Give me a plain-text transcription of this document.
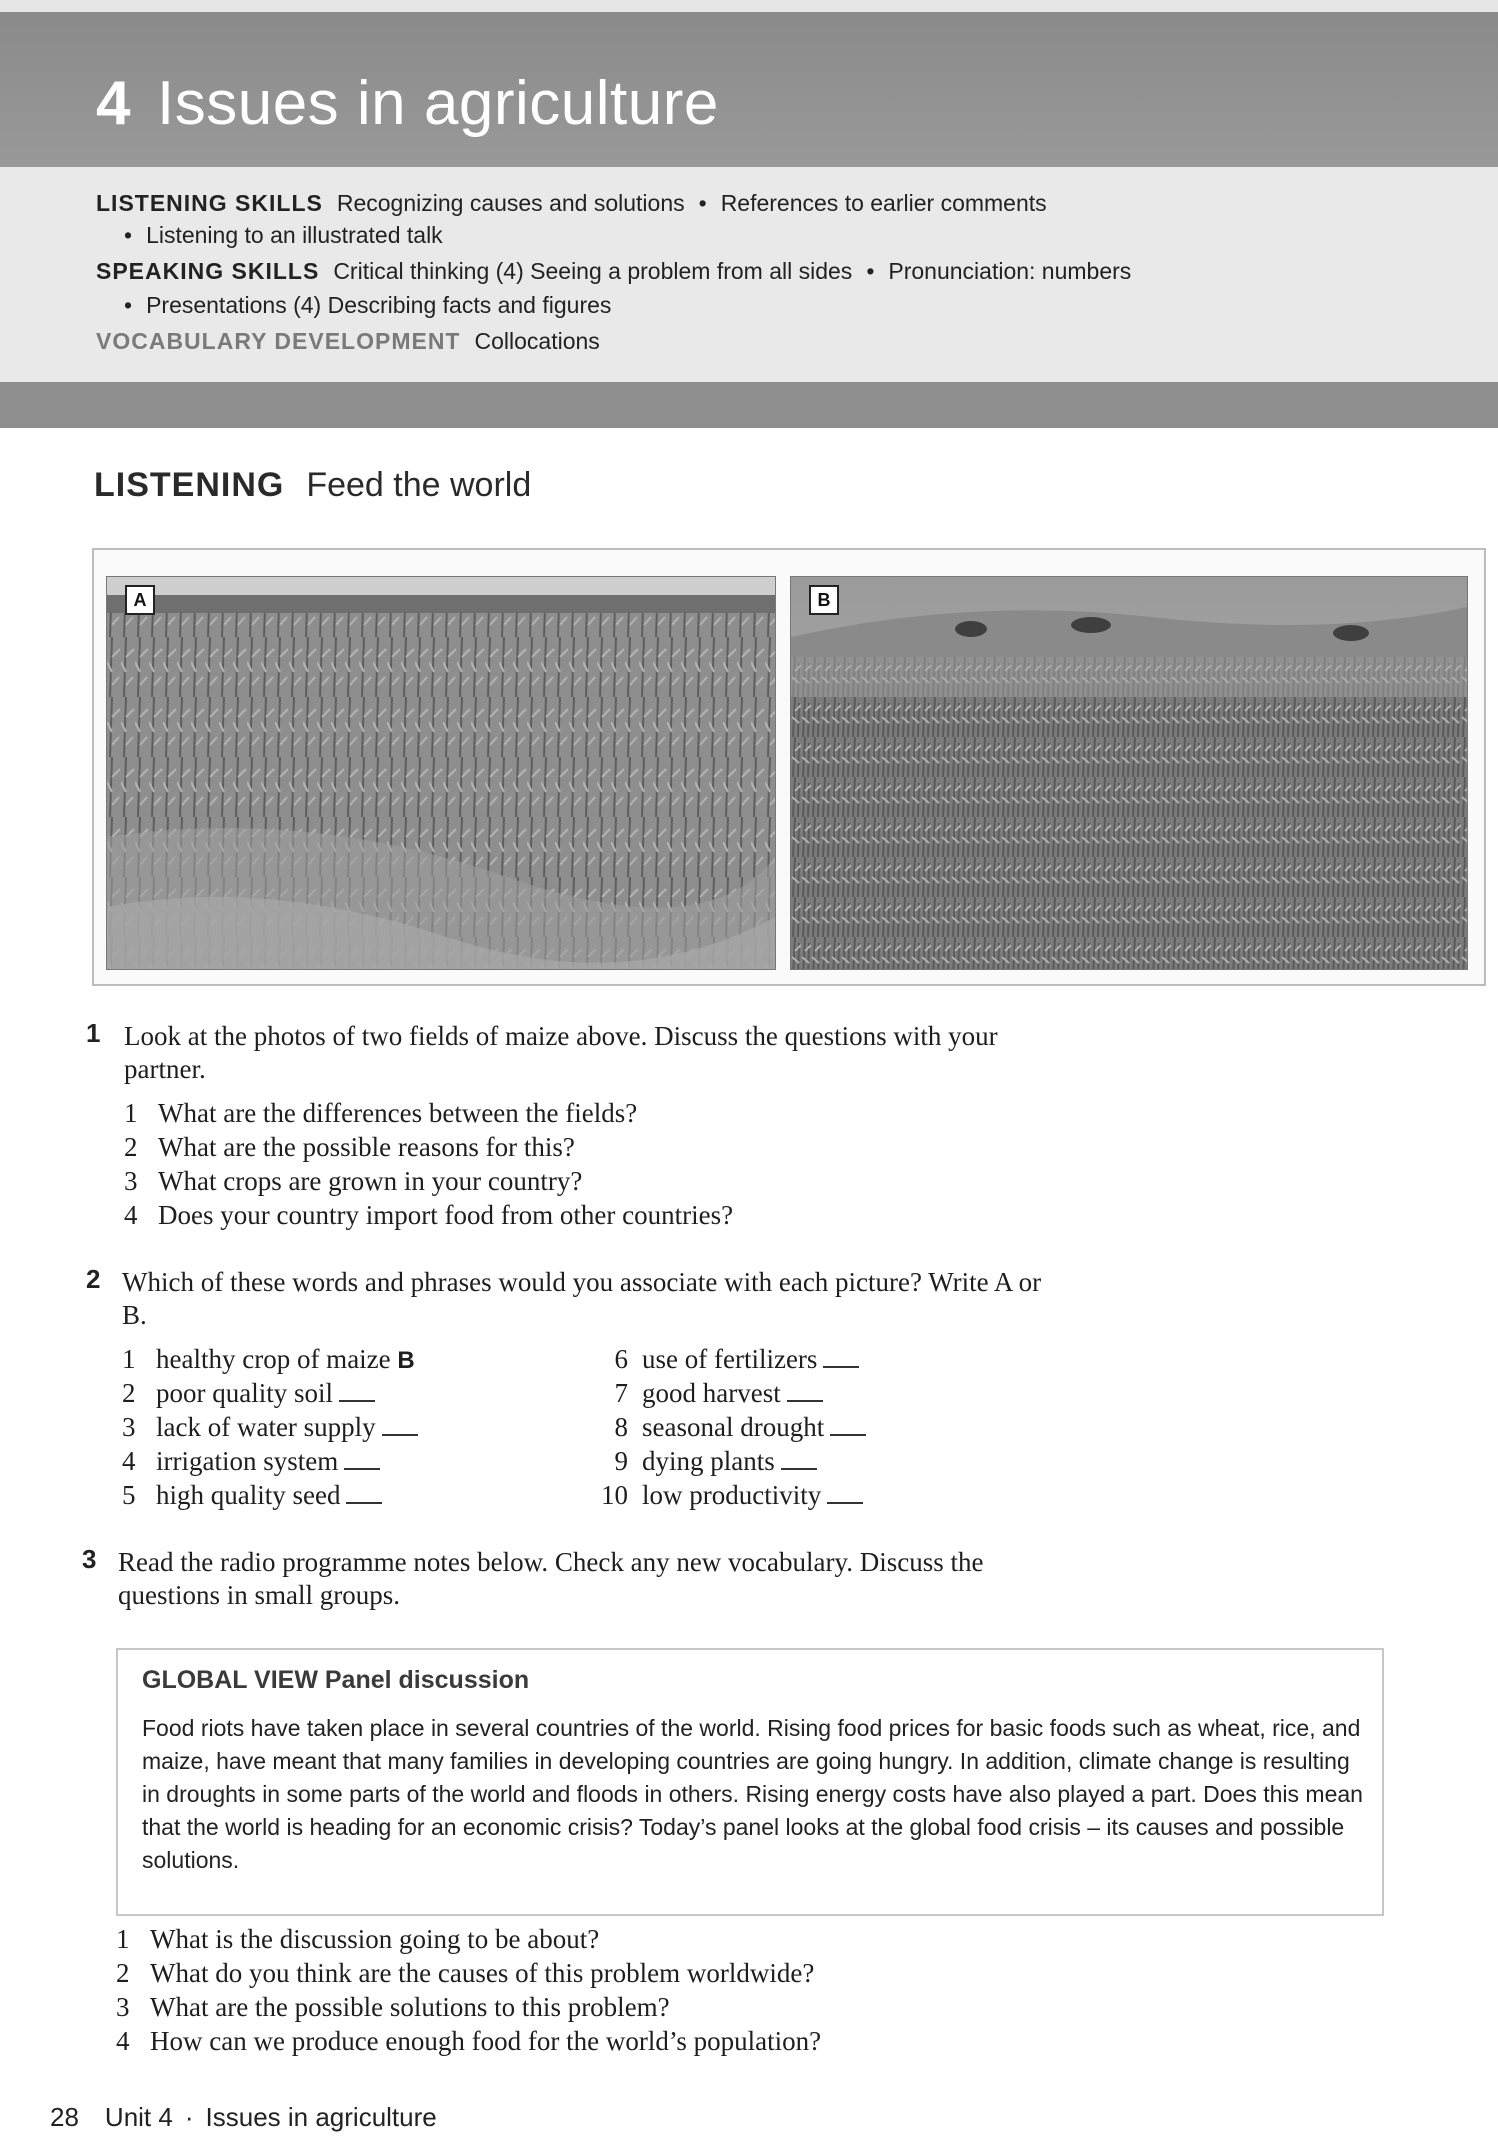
4 Issues in agriculture
LISTENING SKILLS Recognizing causes and solutions • References to earlier comments
• Listening to an illustrated talk
SPEAKING SKILLS Critical thinking (4) Seeing a problem from all sides • Pronunciation: numbers
• Presentations (4) Describing facts and figures
VOCABULARY DEVELOPMENT Collocations
LISTENING Feed the world
A	B
1 Look at the photos of two fields of maize above. Discuss the questions with your partner.
1 What are the differences between the fields?
2 What are the possible reasons for this?
3 What crops are grown in your country?
4 Does your country import food from other countries?
2 Which of these words and phrases would you associate with each picture? Write A or B.
1 healthy crop of maize B
2 poor quality soil
3 lack of water supply
4 irrigation system
5 high quality seed
6 use of fertilizers
7 good harvest
8 seasonal drought
9 dying plants
10 low productivity
3 Read the radio programme notes below. Check any new vocabulary. Discuss the questions in small groups.
GLOBAL VIEW Panel discussion
Food riots have taken place in several countries of the world. Rising food prices for basic foods such as wheat, rice, and maize, have meant that many families in developing countries are going hungry. In addition, climate change is resulting in droughts in some parts of the world and floods in others. Rising energy costs have also played a part. Does this mean that the world is heading for an economic crisis? Today’s panel looks at the global food crisis – its causes and possible solutions.
1 What is the discussion going to be about?
2 What do you think are the causes of this problem worldwide?
3 What are the possible solutions to this problem?
4 How can we produce enough food for the world’s population?
28 Unit 4 · Issues in agriculture
